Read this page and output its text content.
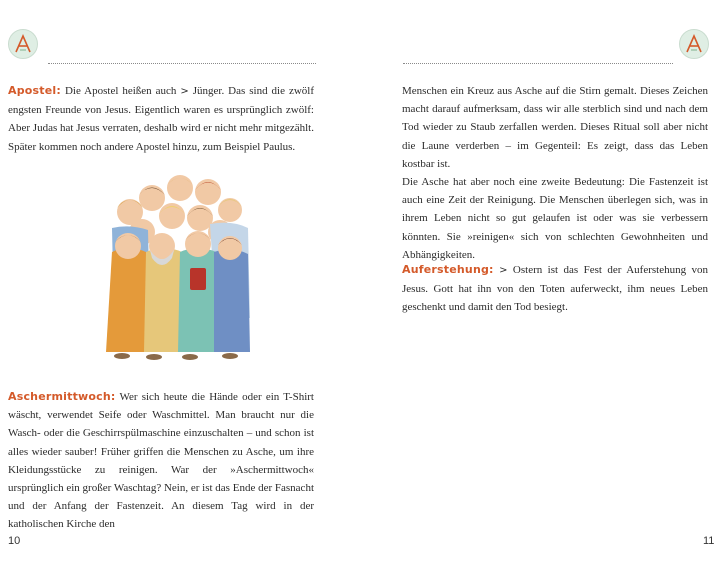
Apostel: Die Apostel heißen auch > Jünger. Das sind die zwölf engsten Freunde von Jesus. Eigentlich waren es ursprünglich zwölf: Aber Judas hat Jesus verraten, deshalb wird er nicht mehr mitgezählt. Später kommen noch andere Apostel hinzu, zum Beispiel Paulus.

Aschermittwoch: Wer sich heute die Hände oder ein T-Shirt wäscht, verwendet Seife oder Waschmittel. Man braucht nur die Wasch- oder die Geschirrspülmaschine einzuschalten – und schon ist alles wieder sauber! Früher griffen die Menschen zu Asche, um ihre Kleidungsstücke zu reinigen. War der »Aschermittwoch« ursprünglich ein großer Waschtag? Nein, er ist das Ende der Fasnacht und der Anfang der Fastenzeit. An diesem Tag wird in der katholischen Kirche den

10

Menschen ein Kreuz aus Asche auf die Stirn gemalt. Dieses Zeichen macht darauf aufmerksam, dass wir alle sterblich sind und nach dem Tod wieder zu Staub zerfallen werden. Dieses Ritual soll aber nicht die Laune verderben – im Gegenteil: Es zeigt, dass das Leben kostbar ist.

Die Asche hat aber noch eine zweite Bedeutung: Die Fastenzeit ist auch eine Zeit der Reinigung. Die Menschen überlegen sich, was in ihrem Leben nicht so gut gelaufen ist oder was sie verbessern könnten. Sie »reinigen« sich von schlechten Gewohnheiten und Abhängigkeiten.

Auferstehung: > Ostern ist das Fest der Auferstehung von Jesus. Gott hat ihn von den Toten auferweckt, ihm neues Leben geschenkt und damit den Tod besiegt.

11
